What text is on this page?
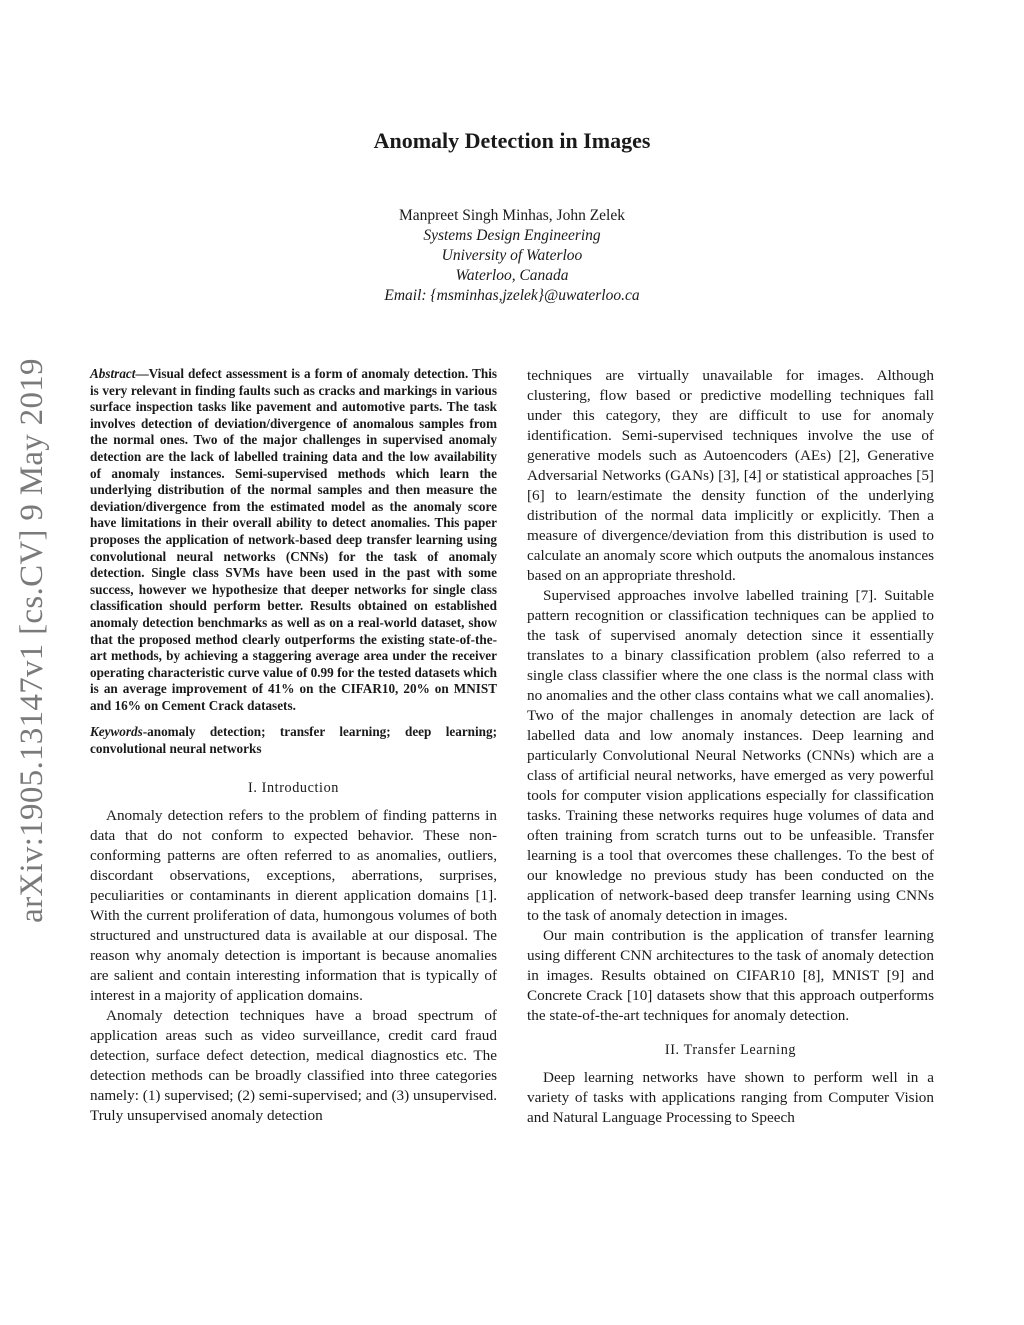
arXiv:1905.13147v1 [cs.CV] 9 May 2019
Anomaly Detection in Images
Manpreet Singh Minhas, John Zelek
Systems Design Engineering
University of Waterloo
Waterloo, Canada
Email: {msminhas,jzelek}@uwaterloo.ca

Abstract—Visual defect assessment is a form of anomaly detection. This is very relevant in finding faults such as cracks and markings in various surface inspection tasks like pavement and automotive parts. The task involves detection of deviation/divergence of anomalous samples from the normal ones. Two of the major challenges in supervised anomaly detection are the lack of labelled training data and the low availability of anomaly instances. Semi-supervised methods which learn the underlying distribution of the normal samples and then measure the deviation/divergence from the estimated model as the anomaly score have limitations in their overall ability to detect anomalies. This paper proposes the application of network-based deep transfer learning using convolutional neural networks (CNNs) for the task of anomaly detection. Single class SVMs have been used in the past with some success, however we hypothesize that deeper networks for single class classification should perform better. Results obtained on established anomaly detection benchmarks as well as on a real-world dataset, show that the proposed method clearly outperforms the existing state-of-the-art methods, by achieving a staggering average area under the receiver operating characteristic curve value of 0.99 for the tested datasets which is an average improvement of 41% on the CIFAR10, 20% on MNIST and 16% on Cement Crack datasets.

Keywords-anomaly detection; transfer learning; deep learning; convolutional neural networks

I. Introduction

Anomaly detection refers to the problem of finding patterns in data that do not conform to expected behavior. These non-conforming patterns are often referred to as anomalies, outliers, discordant observations, exceptions, aberrations, surprises, peculiarities or contaminants in dierent application domains [1]. With the current proliferation of data, humongous volumes of both structured and unstructured data is available at our disposal. The reason why anomaly detection is important is because anomalies are salient and contain interesting information that is typically of interest in a majority of application domains.

Anomaly detection techniques have a broad spectrum of application areas such as video surveillance, credit card fraud detection, surface defect detection, medical diagnostics etc. The detection methods can be broadly classified into three categories namely: (1) supervised; (2) semi-supervised; and (3) unsupervised. Truly unsupervised anomaly detection

techniques are virtually unavailable for images. Although clustering, flow based or predictive modelling techniques fall under this category, they are difficult to use for anomaly identification. Semi-supervised techniques involve the use of generative models such as Autoencoders (AEs) [2], Generative Adversarial Networks (GANs) [3], [4] or statistical approaches [5] [6] to learn/estimate the density function of the underlying distribution of the normal data implicitly or explicitly. Then a measure of divergence/deviation from this distribution is used to calculate an anomaly score which outputs the anomalous instances based on an appropriate threshold.

Supervised approaches involve labelled training [7]. Suitable pattern recognition or classification techniques can be applied to the task of supervised anomaly detection since it essentially translates to a binary classification problem (also referred to a single class classifier where the one class is the normal class with no anomalies and the other class contains what we call anomalies). Two of the major challenges in anomaly detection are lack of labelled data and low anomaly instances. Deep learning and particularly Convolutional Neural Networks (CNNs) which are a class of artificial neural networks, have emerged as very powerful tools for computer vision applications especially for classification tasks. Training these networks requires huge volumes of data and often training from scratch turns out to be unfeasible. Transfer learning is a tool that overcomes these challenges. To the best of our knowledge no previous study has been conducted on the application of network-based deep transfer learning using CNNs to the task of anomaly detection in images.

Our main contribution is the application of transfer learning using different CNN architectures to the task of anomaly detection in images. Results obtained on CIFAR10 [8], MNIST [9] and Concrete Crack [10] datasets show that this approach outperforms the state-of-the-art techniques for anomaly detection.

II. Transfer Learning

Deep learning networks have shown to perform well in a variety of tasks with applications ranging from Computer Vision and Natural Language Processing to Speech
